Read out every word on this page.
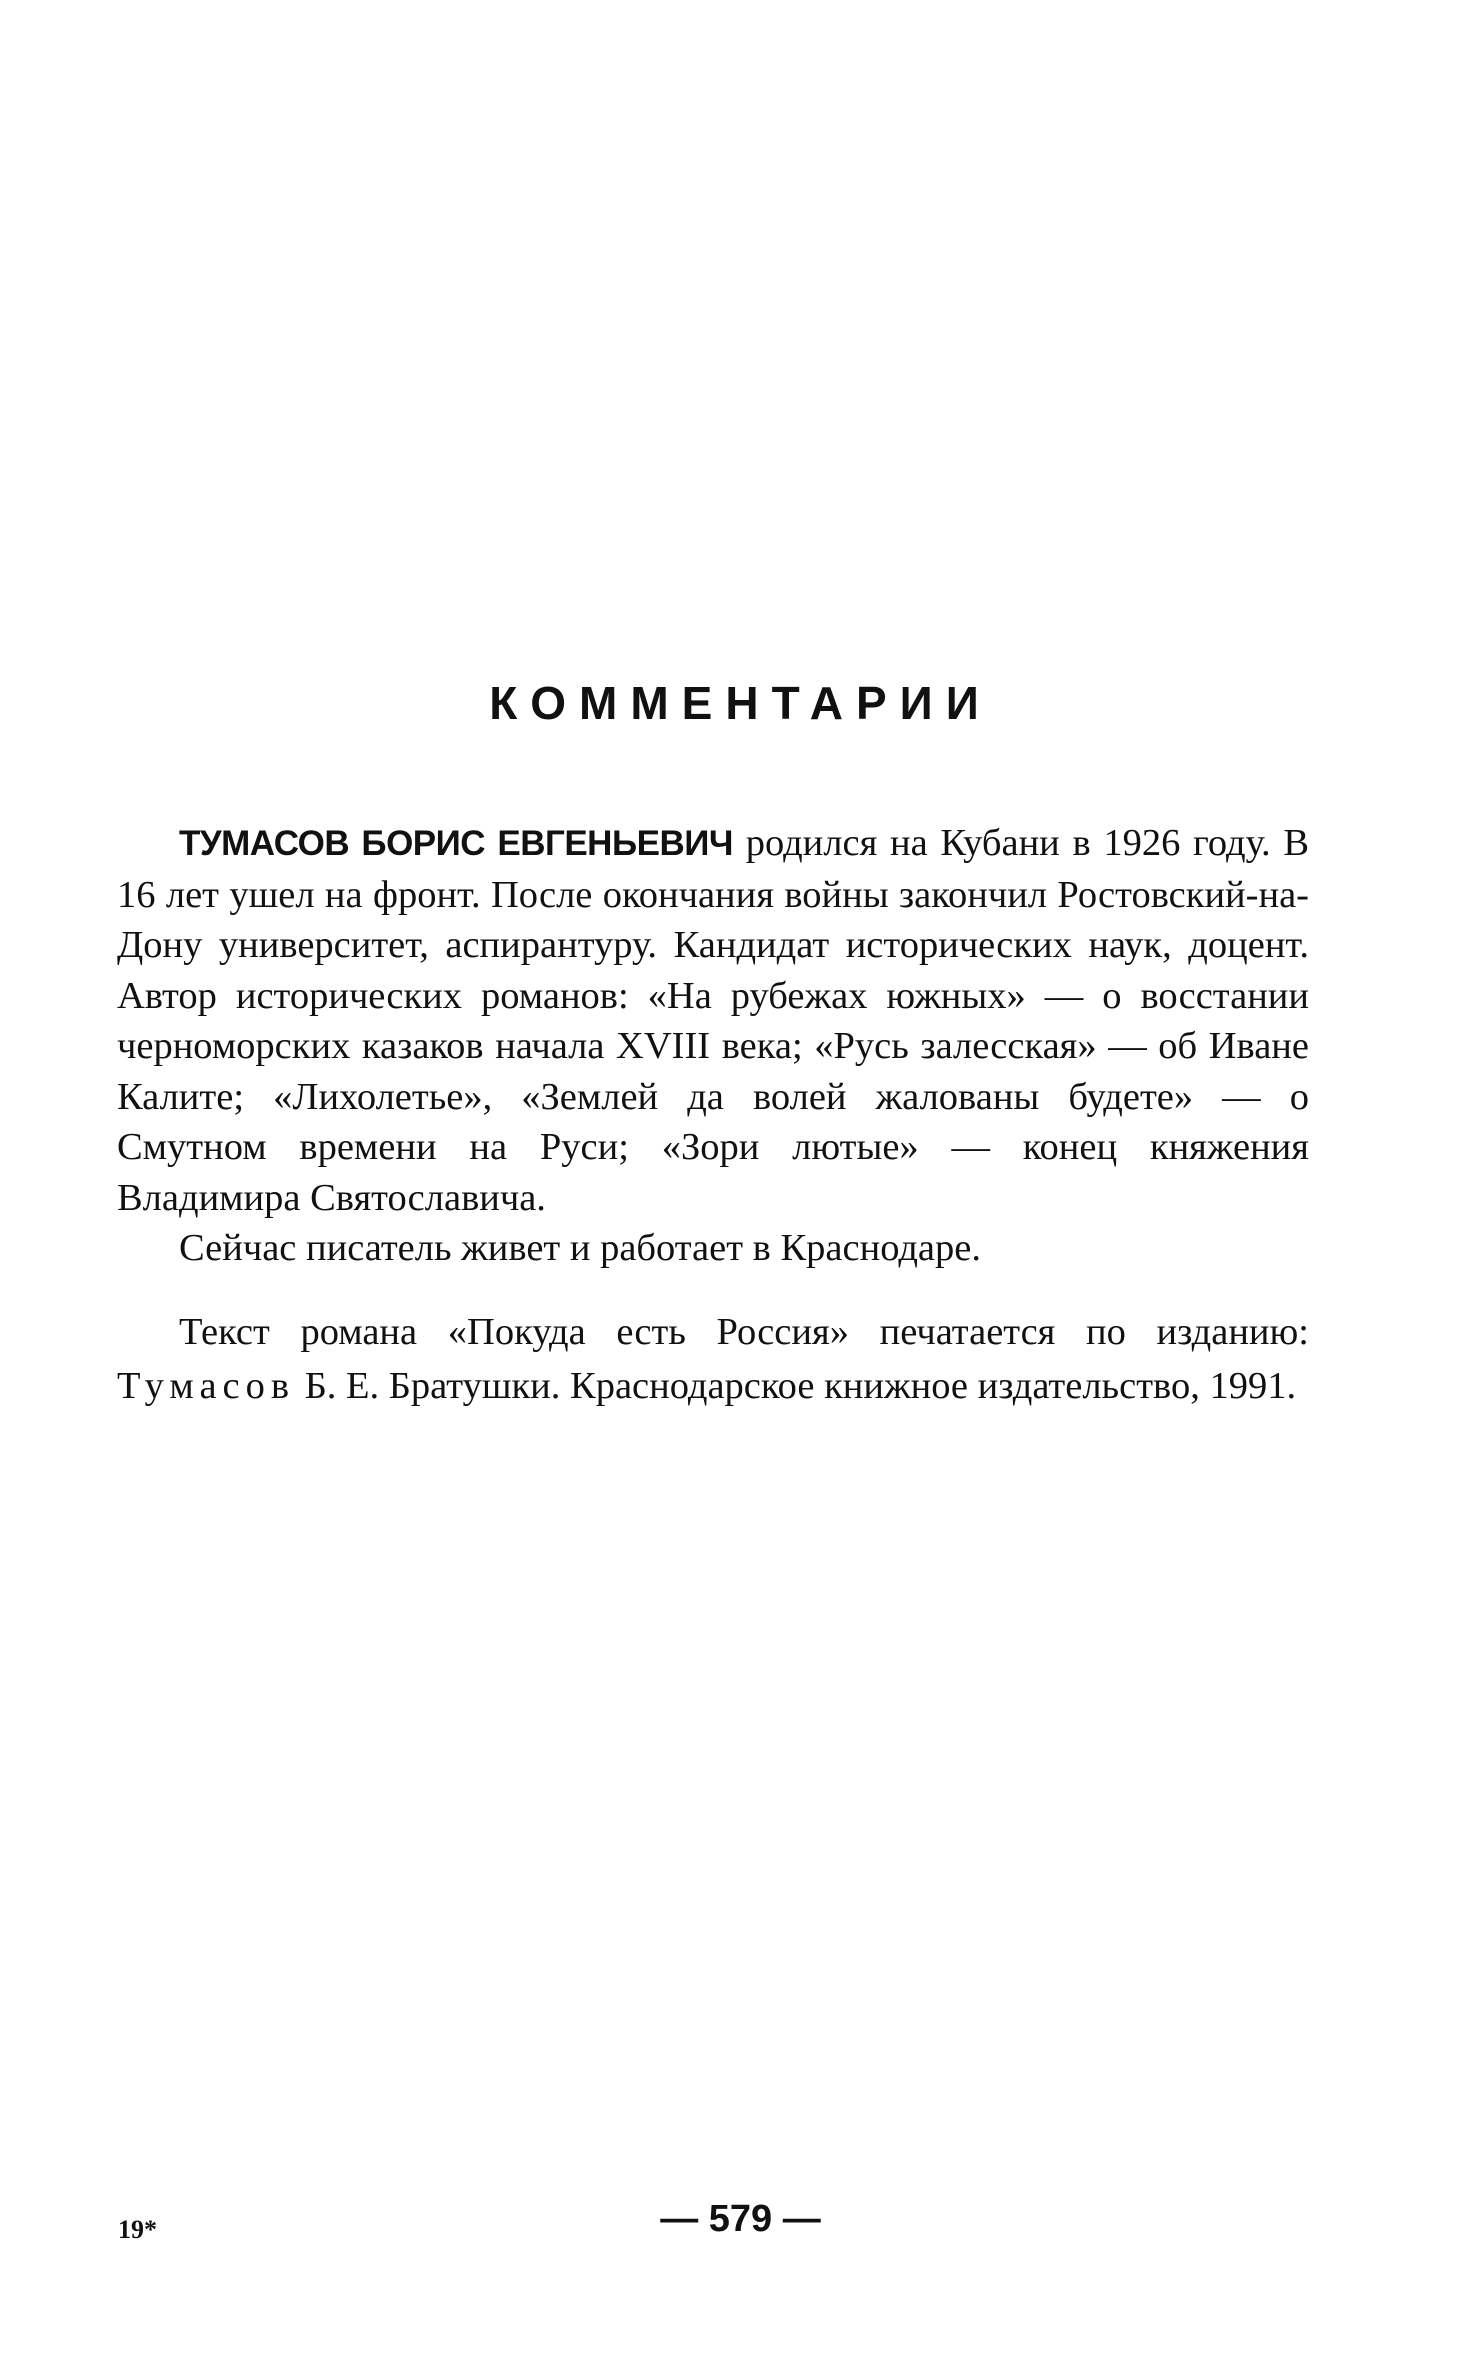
КОММЕНТАРИИ

ТУМАСОВ БОРИС ЕВГЕНЬЕВИЧ родился на Кубани в 1926 году. В 16 лет ушел на фронт. После окончания войны закончил Ростовский-на-Дону университет, аспирантуру. Кандидат исторических наук, доцент. Автор исторических романов: «На рубежах южных» — о восстании черноморских казаков начала XVIII века; «Русь залесская» — об Иване Калите; «Лихолетье», «Землей да волей жалованы будете» — о Смутном времени на Руси; «Зори лютые» — конец княжения Владимира Святославича.

Сейчас писатель живет и работает в Краснодаре.

Текст романа «Покуда есть Россия» печатается по изданию: Тумасов Б. Е. Братушки. Краснодарское книжное издательство, 1991.

— 579 —
19*
